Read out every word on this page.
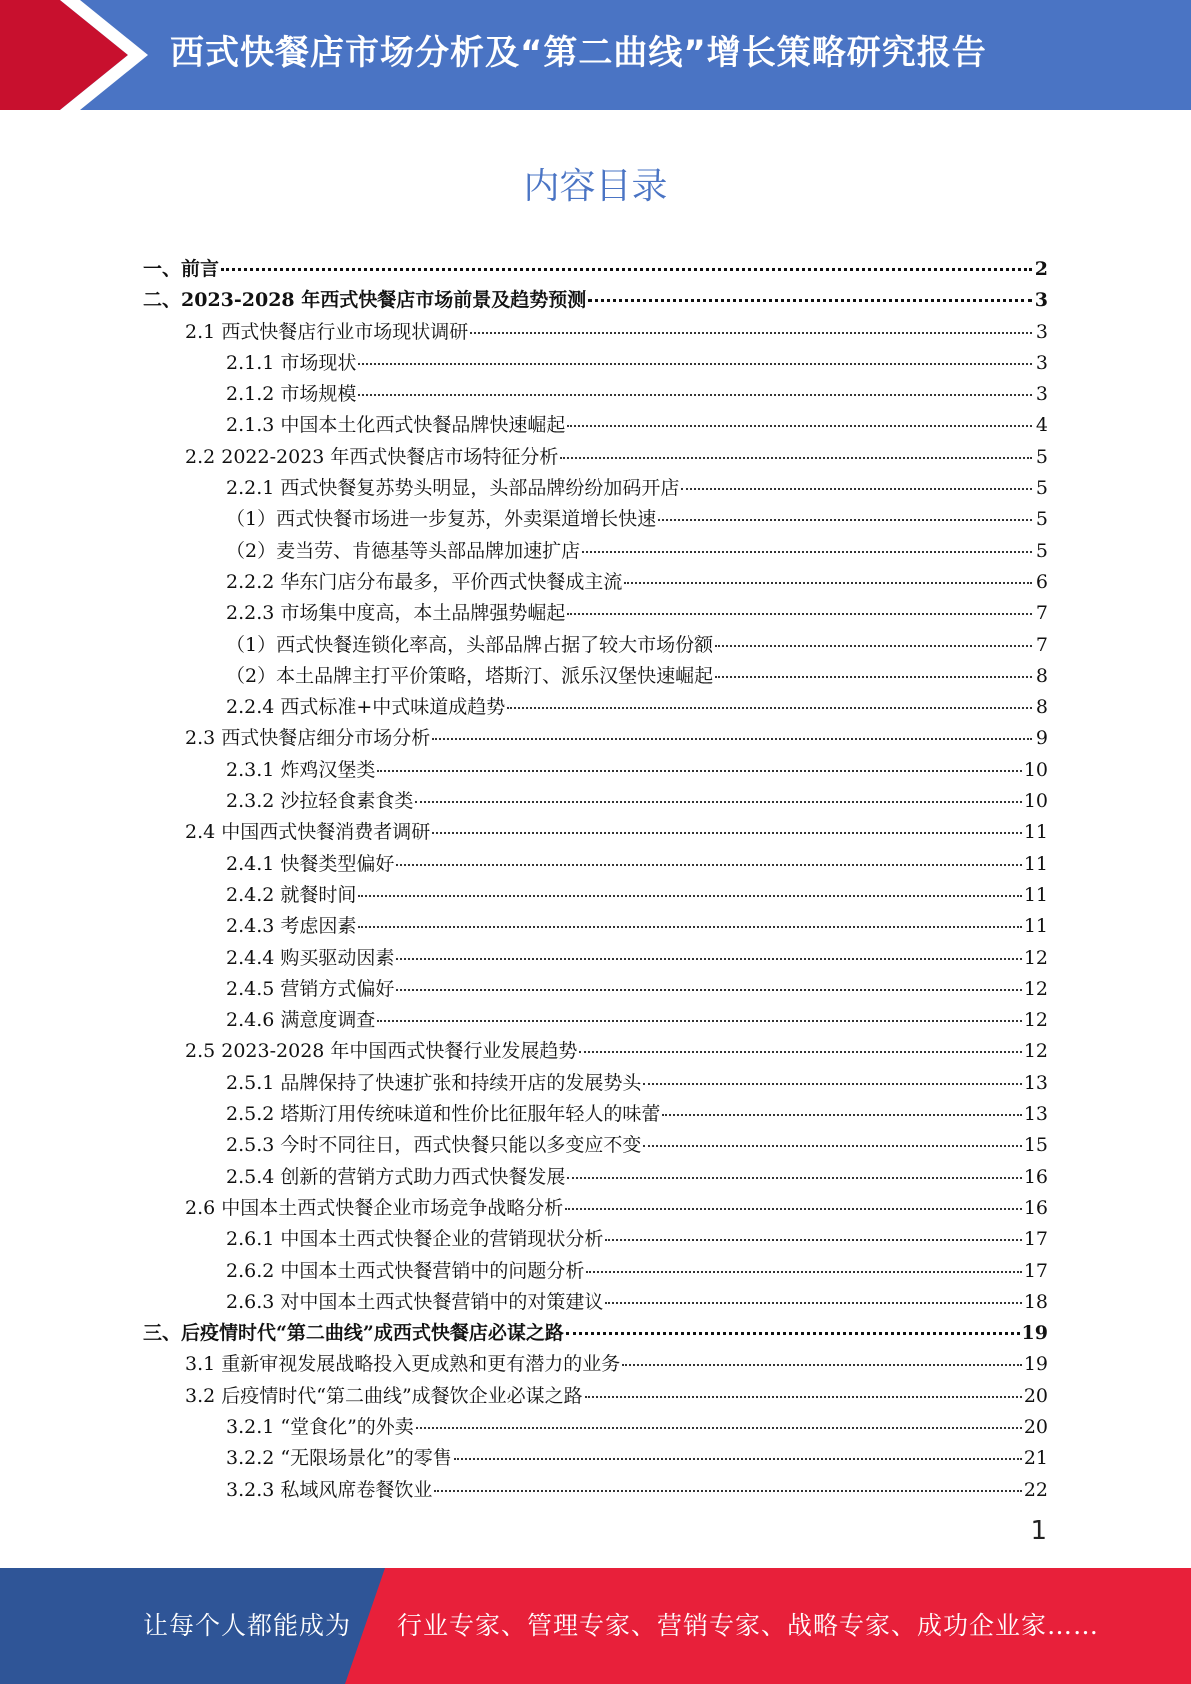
西式快餐店市场分析及“第二曲线”增长策略研究报告
内容目录
一、前言	2
二、2023-2028 年西式快餐店市场前景及趋势预测	3
2.1 西式快餐店行业市场现状调研	3
2.1.1 市场现状	3
2.1.2 市场规模	3
2.1.3 中国本土化西式快餐品牌快速崛起	4
2.2 2022-2023 年西式快餐店市场特征分析	5
2.2.1 西式快餐复苏势头明显，头部品牌纷纷加码开店	5
（1）西式快餐市场进一步复苏，外卖渠道增长快速	5
（2）麦当劳、肯德基等头部品牌加速扩店	5
2.2.2 华东门店分布最多，平价西式快餐成主流	6
2.2.3 市场集中度高，本土品牌强势崛起	7
（1）西式快餐连锁化率高，头部品牌占据了较大市场份额	7
（2）本土品牌主打平价策略，塔斯汀、派乐汉堡快速崛起	8
2.2.4 西式标准+中式味道成趋势	8
2.3 西式快餐店细分市场分析	9
2.3.1 炸鸡汉堡类	10
2.3.2 沙拉轻食素食类	10
2.4 中国西式快餐消费者调研	11
2.4.1 快餐类型偏好	11
2.4.2 就餐时间	11
2.4.3 考虑因素	11
2.4.4 购买驱动因素	12
2.4.5 营销方式偏好	12
2.4.6 满意度调查	12
2.5 2023-2028 年中国西式快餐行业发展趋势	12
2.5.1 品牌保持了快速扩张和持续开店的发展势头	13
2.5.2 塔斯汀用传统味道和性价比征服年轻人的味蕾	13
2.5.3 今时不同往日，西式快餐只能以多变应不变	15
2.5.4 创新的营销方式助力西式快餐发展	16
2.6 中国本土西式快餐企业市场竞争战略分析	16
2.6.1 中国本土西式快餐企业的营销现状分析	17
2.6.2 中国本土西式快餐营销中的问题分析	17
2.6.3 对中国本土西式快餐营销中的对策建议	18
三、后疫情时代“第二曲线”成西式快餐店必谋之路	19
3.1 重新审视发展战略投入更成熟和更有潜力的业务	19
3.2 后疫情时代“第二曲线”成餐饮企业必谋之路	20
3.2.1 “堂食化”的外卖	20
3.2.2 “无限场景化”的零售	21
3.2.3 私域风席卷餐饮业	22
1
让每个人都能成为 行业专家、管理专家、营销专家、战略专家、成功企业家……
